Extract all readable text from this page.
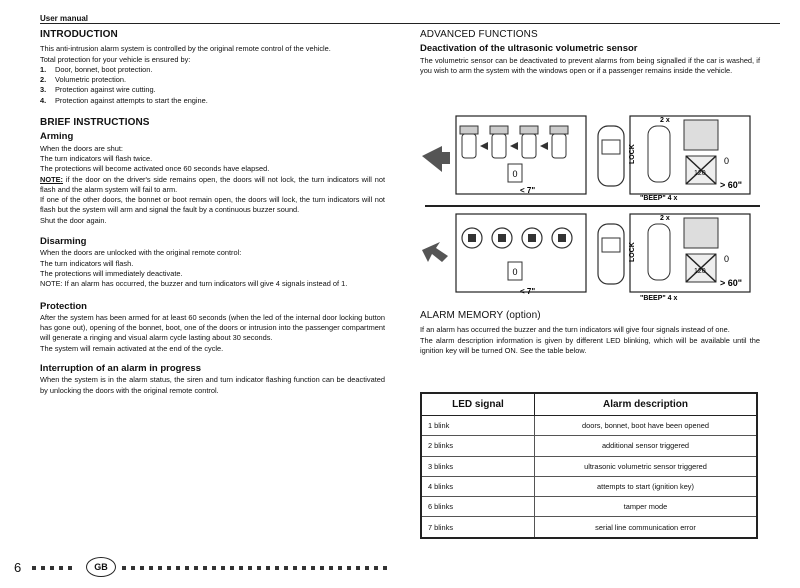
User manual
INTRODUCTION

This anti-intrusion alarm system is controlled by the original remote control of the vehicle.

Total protection for your vehicle is ensured by:

1.	Door, bonnet, boot protection.
2.	Volumetric protection.
3.	Protection against wire cutting.
4.	Protection against attempts to start the engine.
BRIEF INSTRUCTIONS
Arming

When the doors are shut:

The turn indicators will flash twice.

The protections will become activated once 60 seconds have elapsed.

NOTE: if the door on the driver's side remains open, the doors will not lock, the turn indicators will not flash and the alarm system will fail to arm.

If one of the other doors, the bonnet or boot remain open, the doors will lock, the turn indicators will not flash but the system will arm and signal the fault by a continuous buzzer sound.

Shut the door again.

Disarming

When the doors are unlocked with the original remote control:

The turn indicators will flash.

The protections will immediately deactivate.

NOTE: If an alarm has occurred, the buzzer and turn indicators will give 4 signals instead of 1.

Protection

After the system has been armed for at least 60 seconds (when the led of the internal door locking button has gone out), opening of the bonnet, boot, one of the doors or intrusion into the passenger compartment will generate a ringing and visual alarm cycle lasting about 30 seconds.

The system will remain activated at the end of the cycle.

Interruption of an alarm in progress

When the system is in the alarm status, the siren and turn indicator flashing function can be deactivated by unlocking the doors with the original remote control.

ADVANCED FUNCTIONS
Deactivation of the ultrasonic volumetric sensor

The volumetric sensor can be deactivated to prevent alarms from being signalled if the car is washed, if you wish to arm the system with the windows open or if a passenger remains inside the vehicle.

0
< 7"
LOCK
2 x
"BEEP" 4 x
120
0
> 60"
0
< 7"
LOCK
2 x
"BEEP" 4 x
120
0
> 60"
ALARM MEMORY (option)

If an alarm has occurred the buzzer and the turn indicators will give four signals instead of one.

The alarm description information is given by different LED blinking, which will be available until the ignition key will be turned ON. See the table below.

LED signal	Alarm description
1 blink	doors, bonnet, boot have been opened
2 blinks	additional sensor triggered
3 blinks	ultrasonic volumetric sensor triggered
4 blinks	attempts to start (ignition key)
6 blinks	tamper mode
7 blinks	serial line communication error
6	GB
